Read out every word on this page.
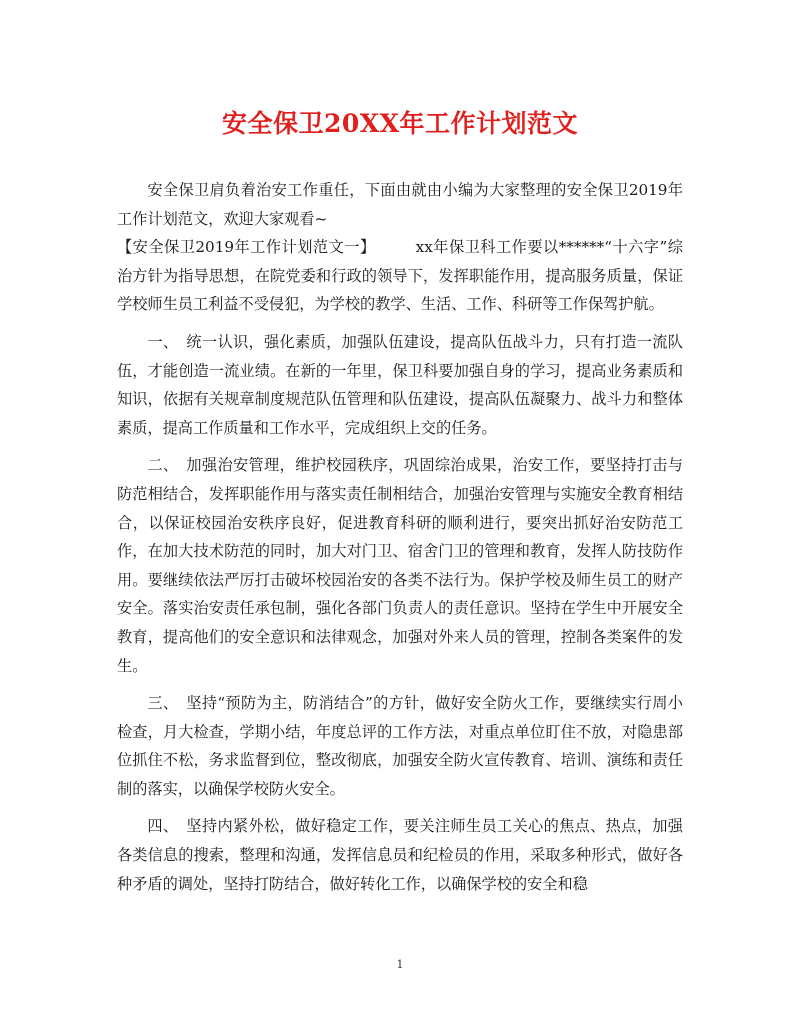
安全保卫20XX年工作计划范文

安全保卫肩负着治安工作重任，下面由就由小编为大家整理的安全保卫2019年工作计划范文，欢迎大家观看~

【安全保卫2019年工作计划范文一】	xx年保卫科工作要以******“十六字”综治方针为指导思想，在院党委和行政的领导下，发挥职能作用，提高服务质量，保证学校师生员工利益不受侵犯，为学校的教学、生活、工作、科研等工作保驾护航。

一、　统一认识，强化素质，加强队伍建设，提高队伍战斗力，只有打造一流队伍，才能创造一流业绩。在新的一年里，保卫科要加强自身的学习，提高业务素质和知识，依据有关规章制度规范队伍管理和队伍建设，提高队伍凝聚力、战斗力和整体素质，提高工作质量和工作水平，完成组织上交的任务。

二、　加强治安管理，维护校园秩序，巩固综治成果，治安工作，要坚持打击与防范相结合，发挥职能作用与落实责任制相结合，加强治安管理与实施安全教育相结合，以保证校园治安秩序良好，促进教育科研的顺利进行，要突出抓好治安防范工作，在加大技术防范的同时，加大对门卫、宿舍门卫的管理和教育，发挥人防技防作用。要继续依法严厉打击破坏校园治安的各类不法行为。保护学校及师生员工的财产安全。落实治安责任承包制，强化各部门负责人的责任意识。坚持在学生中开展安全教育，提高他们的安全意识和法律观念，加强对外来人员的管理，控制各类案件的发生。

三、　坚持“预防为主，防消结合”的方针，做好安全防火工作，要继续实行周小检查，月大检查，学期小结，年度总评的工作方法，对重点单位盯住不放，对隐患部位抓住不松，务求监督到位，整改彻底，加强安全防火宣传教育、培训、演练和责任制的落实，以确保学校防火安全。

四、　坚持内紧外松，做好稳定工作，要关注师生员工关心的焦点、热点，加强各类信息的搜索，整理和沟通，发挥信息员和纪检员的作用，采取多种形式，做好各种矛盾的调处，坚持打防结合，做好转化工作，以确保学校的安全和稳

1
